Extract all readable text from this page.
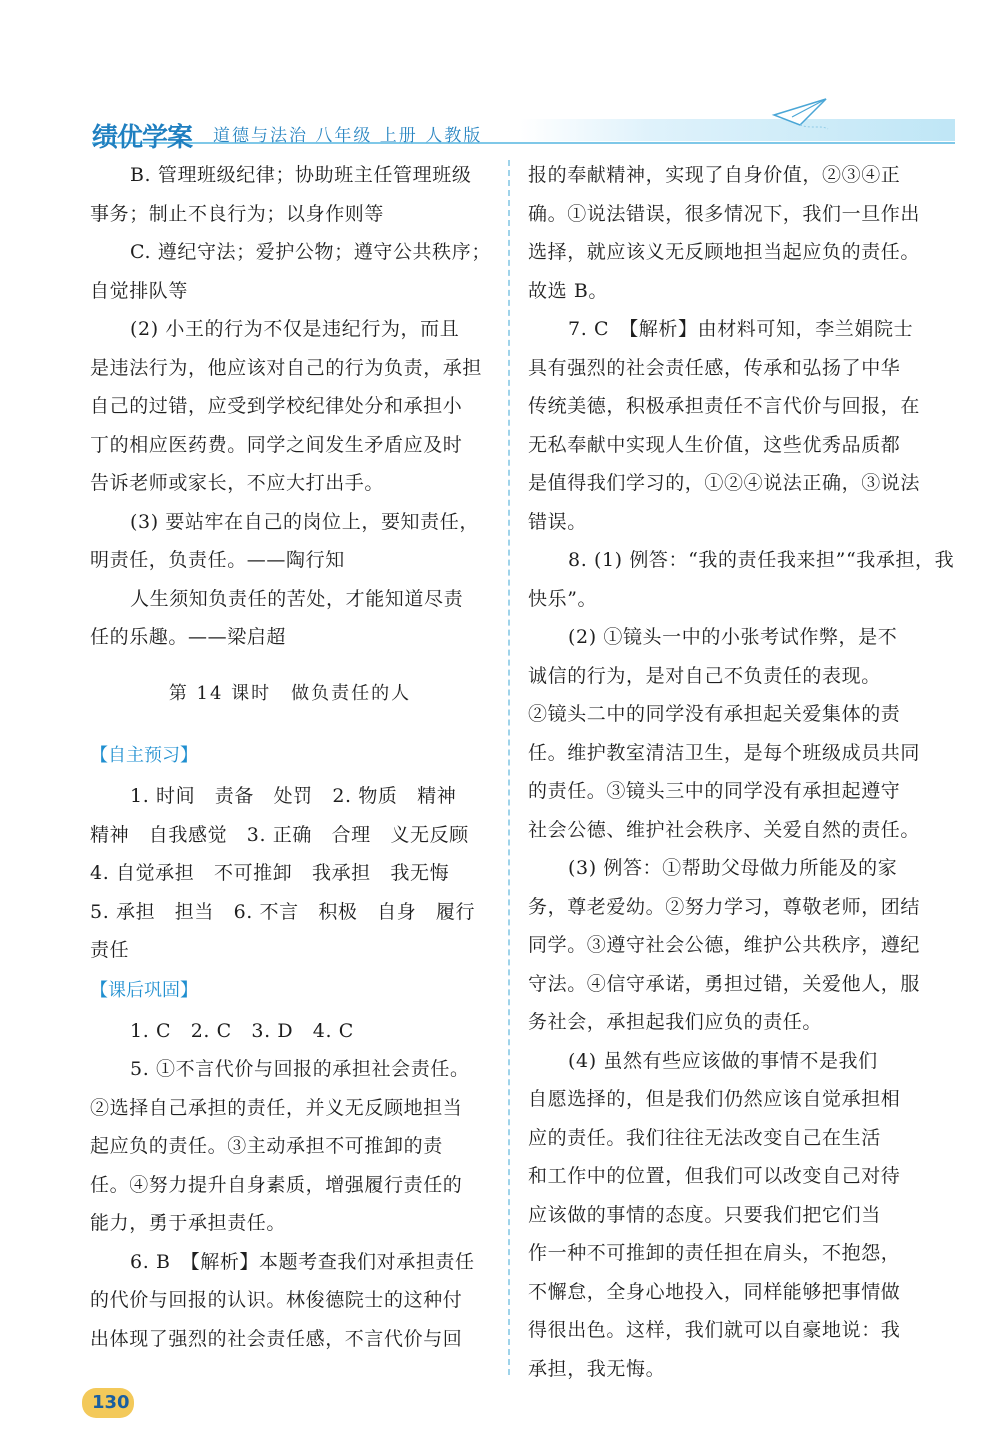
绩优学案 道德与法治 八年级 上册 人教版
B. 管理班级纪律；协助班主任管理班级
事务；制止不良行为；以身作则等
C. 遵纪守法；爱护公物；遵守公共秩序；
自觉排队等
(2) 小王的行为不仅是违纪行为，而且
是违法行为，他应该对自己的行为负责，承担
自己的过错，应受到学校纪律处分和承担小
丁的相应医药费。同学之间发生矛盾应及时
告诉老师或家长，不应大打出手。
(3) 要站牢在自己的岗位上，要知责任，
明责任，负责任。——陶行知
人生须知负责任的苦处，才能知道尽责
任的乐趣。——梁启超
第 14 课时　做负责任的人
【自主预习】
1. 时间　责备　处罚　2. 物质　精神
精神　自我感觉　3. 正确　合理　义无反顾
4. 自觉承担　不可推卸　我承担　我无悔
5. 承担　担当　6. 不言　积极　自身　履行
责任
【课后巩固】
1. C　2. C　3. D　4. C
5. ①不言代价与回报的承担社会责任。
②选择自己承担的责任，并义无反顾地担当
起应负的责任。③主动承担不可推卸的责
任。④努力提升自身素质，增强履行责任的
能力，勇于承担责任。
6. B　【解析】本题考查我们对承担责任
的代价与回报的认识。林俊德院士的这种付
出体现了强烈的社会责任感，不言代价与回
报的奉献精神，实现了自身价值，②③④正
确。①说法错误，很多情况下，我们一旦作出
选择，就应该义无反顾地担当起应负的责任。
故选 B。
7. C　【解析】由材料可知，李兰娟院士
具有强烈的社会责任感，传承和弘扬了中华
传统美德，积极承担责任不言代价与回报，在
无私奉献中实现人生价值，这些优秀品质都
是值得我们学习的，①②④说法正确，③说法
错误。
8. (1) 例答：“我的责任我来担”“我承担，我
快乐”。
(2) ①镜头一中的小张考试作弊，是不
诚信的行为，是对自己不负责任的表现。
②镜头二中的同学没有承担起关爱集体的责
任。维护教室清洁卫生，是每个班级成员共同
的责任。③镜头三中的同学没有承担起遵守
社会公德、维护社会秩序、关爱自然的责任。
(3) 例答：①帮助父母做力所能及的家
务，尊老爱幼。②努力学习，尊敬老师，团结
同学。③遵守社会公德，维护公共秩序，遵纪
守法。④信守承诺，勇担过错，关爱他人，服
务社会，承担起我们应负的责任。
(4) 虽然有些应该做的事情不是我们
自愿选择的，但是我们仍然应该自觉承担相
应的责任。我们往往无法改变自己在生活
和工作中的位置，但我们可以改变自己对待
应该做的事情的态度。只要我们把它们当
作一种不可推卸的责任担在肩头，不抱怨，
不懈怠，全身心地投入，同样能够把事情做
得很出色。这样，我们就可以自豪地说：我
承担，我无悔。
130
